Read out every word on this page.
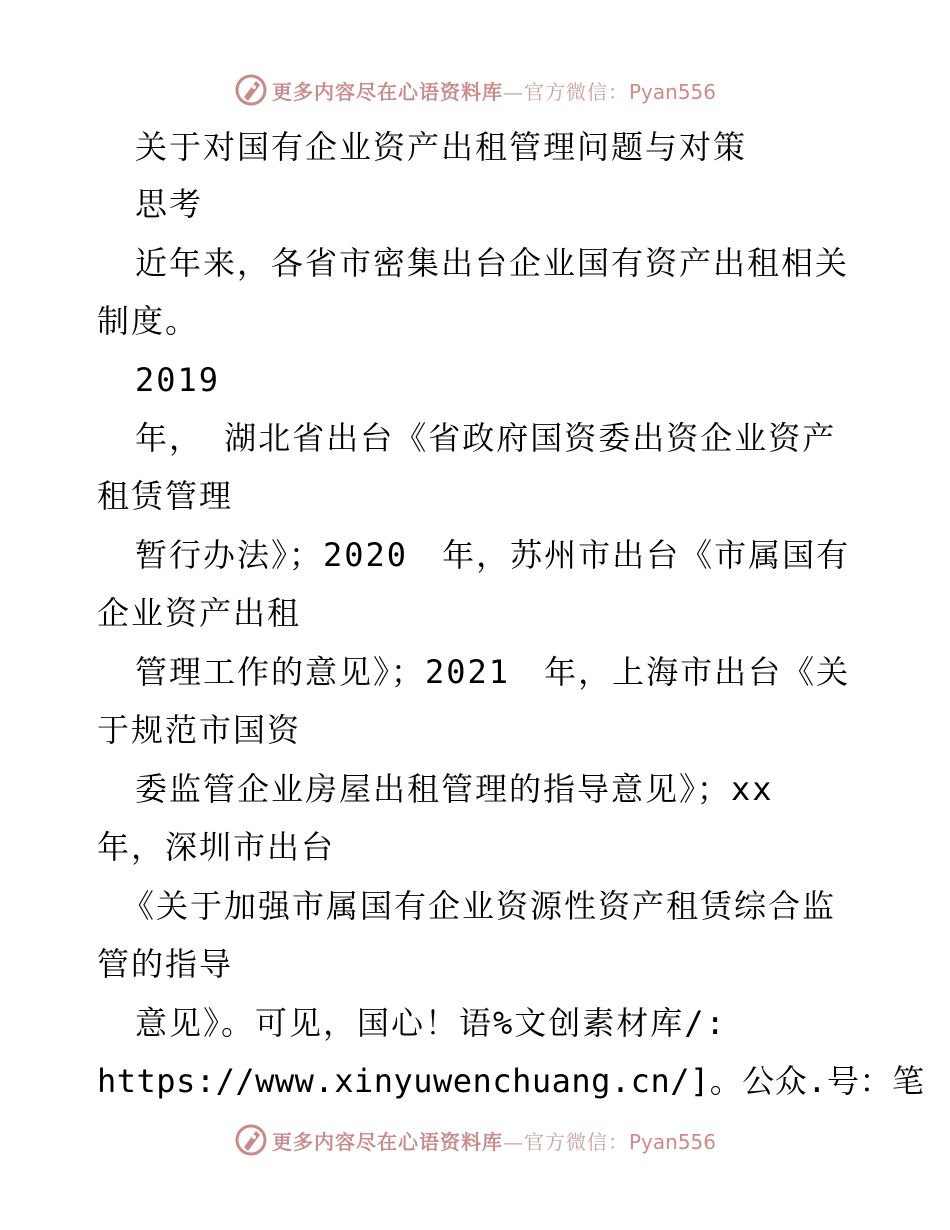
更多内容尽在心语资料库—官方微信：Pyan556
关于对国有企业资产出租管理问题与对策
思考
近年来，各省市密集出台企业国有资产出租相关
制度。
2019
年， 湖北省出台《省政府国资委出资企业资产
租赁管理
暂行办法》；2020　年，苏州市出台《市属国有
企业资产出租
管理工作的意见》；2021　年，上海市出台《关
于规范市国资
委监管企业房屋出租管理的指导意见》；xx
年，深圳市出台
《关于加强市属国有企业资源性资产租赁综合监
管的指导
意见》。可见，国心！语%文创素材库/:
https://www.xinyuwenchuang.cn/]。公众.号：笔
更多内容尽在心语资料库—官方微信：Pyan556
